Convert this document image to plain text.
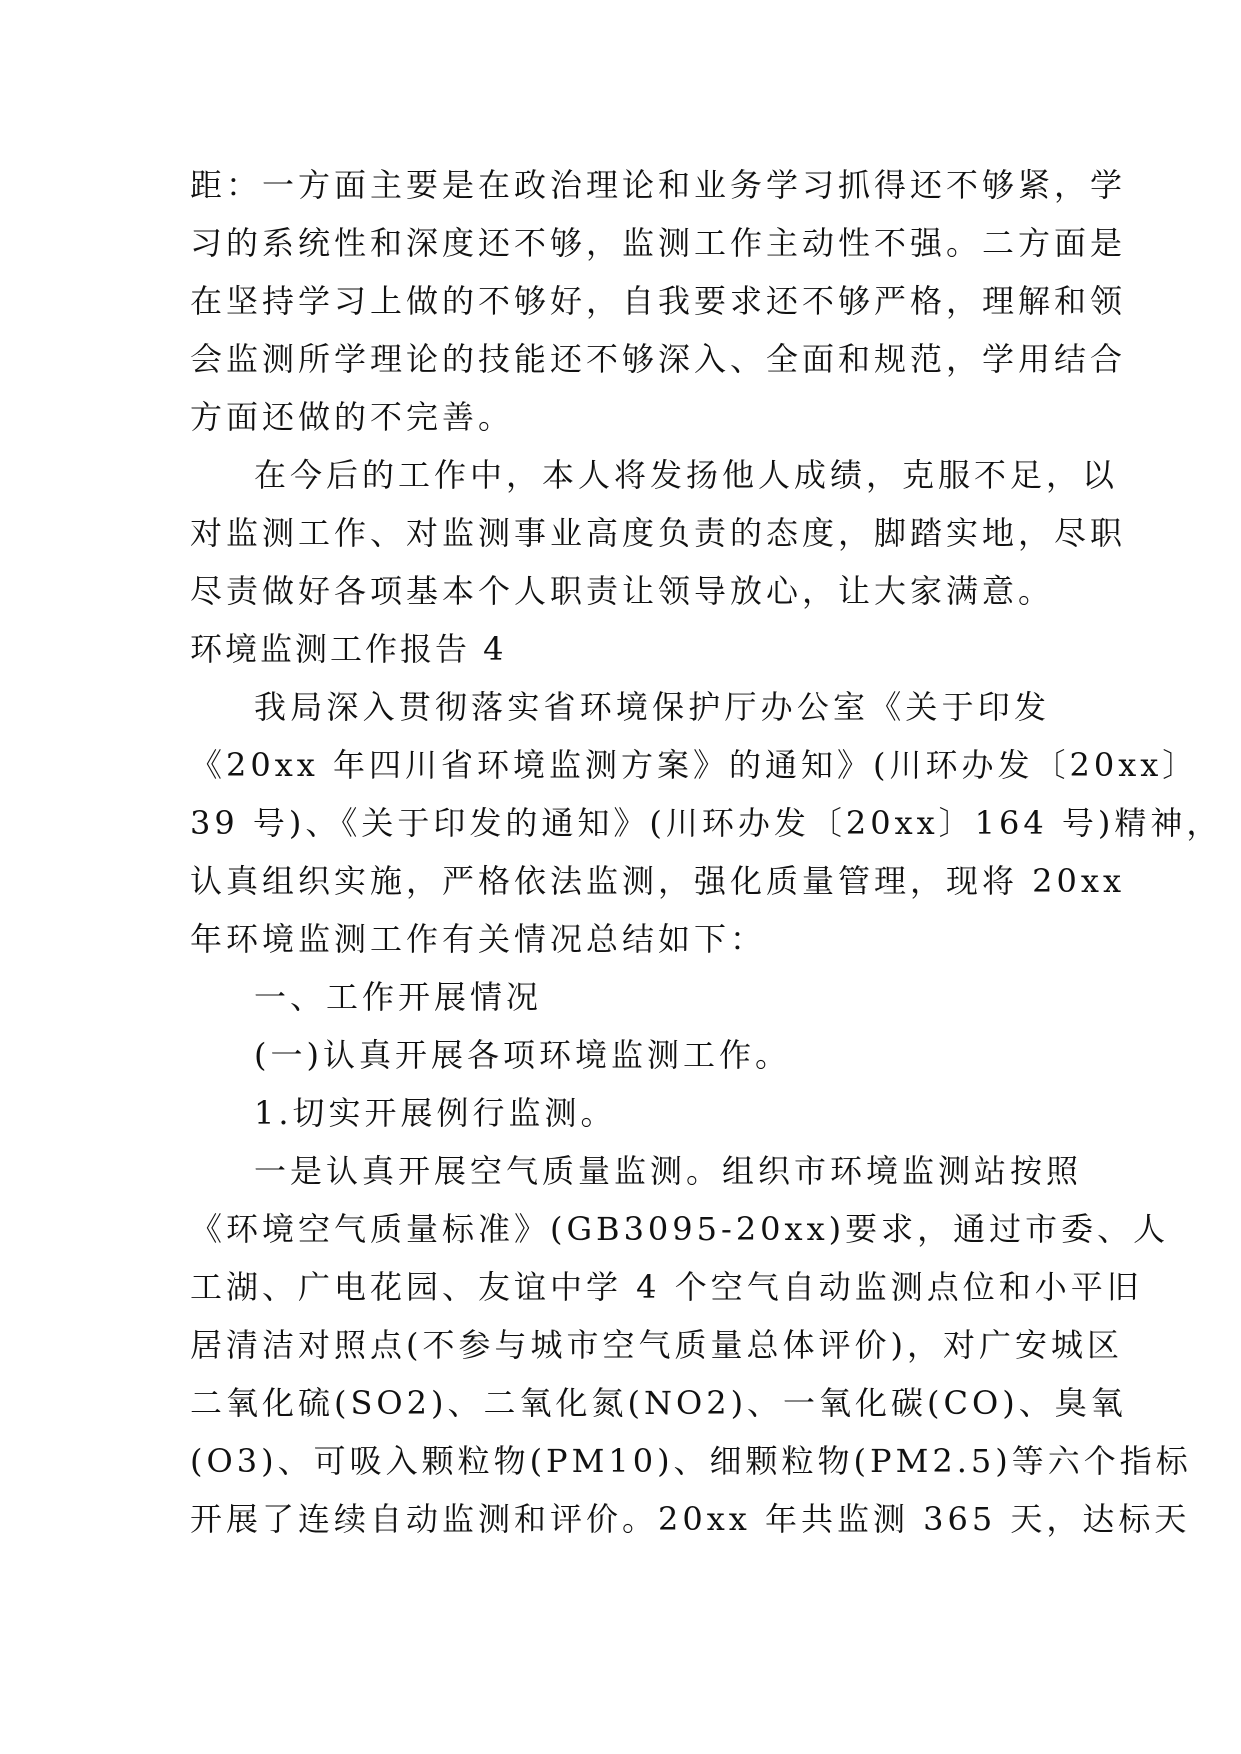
距：一方面主要是在政治理论和业务学习抓得还不够紧，学
习的系统性和深度还不够，监测工作主动性不强。二方面是
在坚持学习上做的不够好，自我要求还不够严格，理解和领
会监测所学理论的技能还不够深入、全面和规范，学用结合
方面还做的不完善。
在今后的工作中，本人将发扬他人成绩，克服不足，以
对监测工作、对监测事业高度负责的态度，脚踏实地，尽职
尽责做好各项基本个人职责让领导放心，让大家满意。
环境监测工作报告 4
我局深入贯彻落实省环境保护厅办公室《关于印发
《20xx 年四川省环境监测方案》的通知》(川环办发〔20xx〕
39 号)、《关于印发的通知》(川环办发〔20xx〕164 号)精神，
认真组织实施，严格依法监测，强化质量管理，现将 20xx
年环境监测工作有关情况总结如下：
一、工作开展情况
(一)认真开展各项环境监测工作。
1.切实开展例行监测。
一是认真开展空气质量监测。组织市环境监测站按照
《环境空气质量标准》(GB3095-20xx)要求，通过市委、人
工湖、广电花园、友谊中学 4 个空气自动监测点位和小平旧
居清洁对照点(不参与城市空气质量总体评价)，对广安城区
二氧化硫(SO2)、二氧化氮(NO2)、一氧化碳(CO)、臭氧
(O3)、可吸入颗粒物(PM10)、细颗粒物(PM2.5)等六个指标
开展了连续自动监测和评价。20xx 年共监测 365 天，达标天
